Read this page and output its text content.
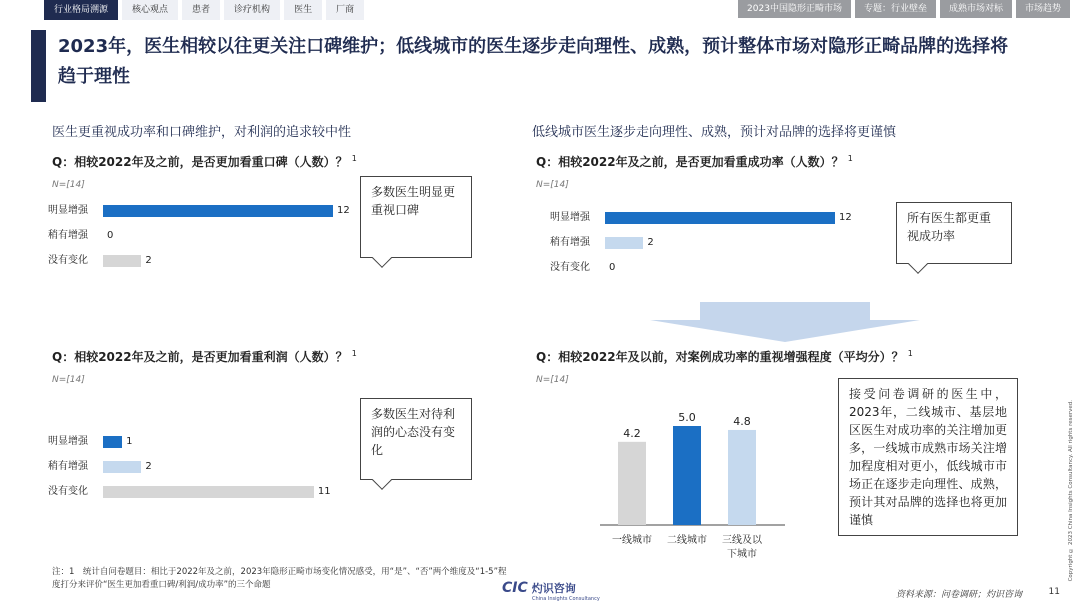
行业格局溯源	核心观点	患者	诊疗机构	医生	厂商	2023中国隐形正畸市场	专题：行业壁垒	成熟市场对标	市场趋势
2023年，医生相较以往更关注口碑维护；低线城市的医生逐步走向理性、成熟，预计整体市场对隐形正畸品牌的选择将趋于理性
医生更重视成功率和口碑维护，对利润的追求较中性	低线城市医生逐步走向理性、成熟，预计对品牌的选择将更谨慎
Q：相较2022年及之前，是否更加看重口碑（人数）？ $^1$
N=[14]
明显增强	12
稍有增强	0
没有变化	2
多数医生明显更重视口碑
Q：相较2022年及之前，是否更加看重利润（人数）？ $^1$
N=[14]
明显增强	1
稍有增强	2
没有变化	11
多数医生对待利润的心态没有变化
Q：相较2022年及之前，是否更加看重成功率（人数）？ $^1$
N=[14]
明显增强	12
稍有增强	2
没有变化	0
所有医生都更重视成功率
Q：相较2022年及以前，对案例成功率的重视增强程度（平均分）？ $^1$
N=[14]
4.2
一线城市
5.0
二线城市
4.8
三线及以
下城市
接受问卷调研的医生中，2023年，二线城市、基层地区医生对成功率的关注增加更多，一线城市成熟市场关注增加程度相对更小，低线城市市场正在逐步走向理性、成熟，预计其对品牌的选择也将更加谨慎
注：1　统计自问卷题目：相比于2022年及之前，2023年隐形正畸市场变化情况感受，用“是”、“否”两个维度及“1-5”程度打分来评价“医生更加看重口碑/利润/成功率”的三个命题	CIC 灼识咨询
China Insights Consultancy	资料来源：问卷调研；灼识咨询	11
Copyright © 2023 China Insights Consultancy. All rights reserved.
